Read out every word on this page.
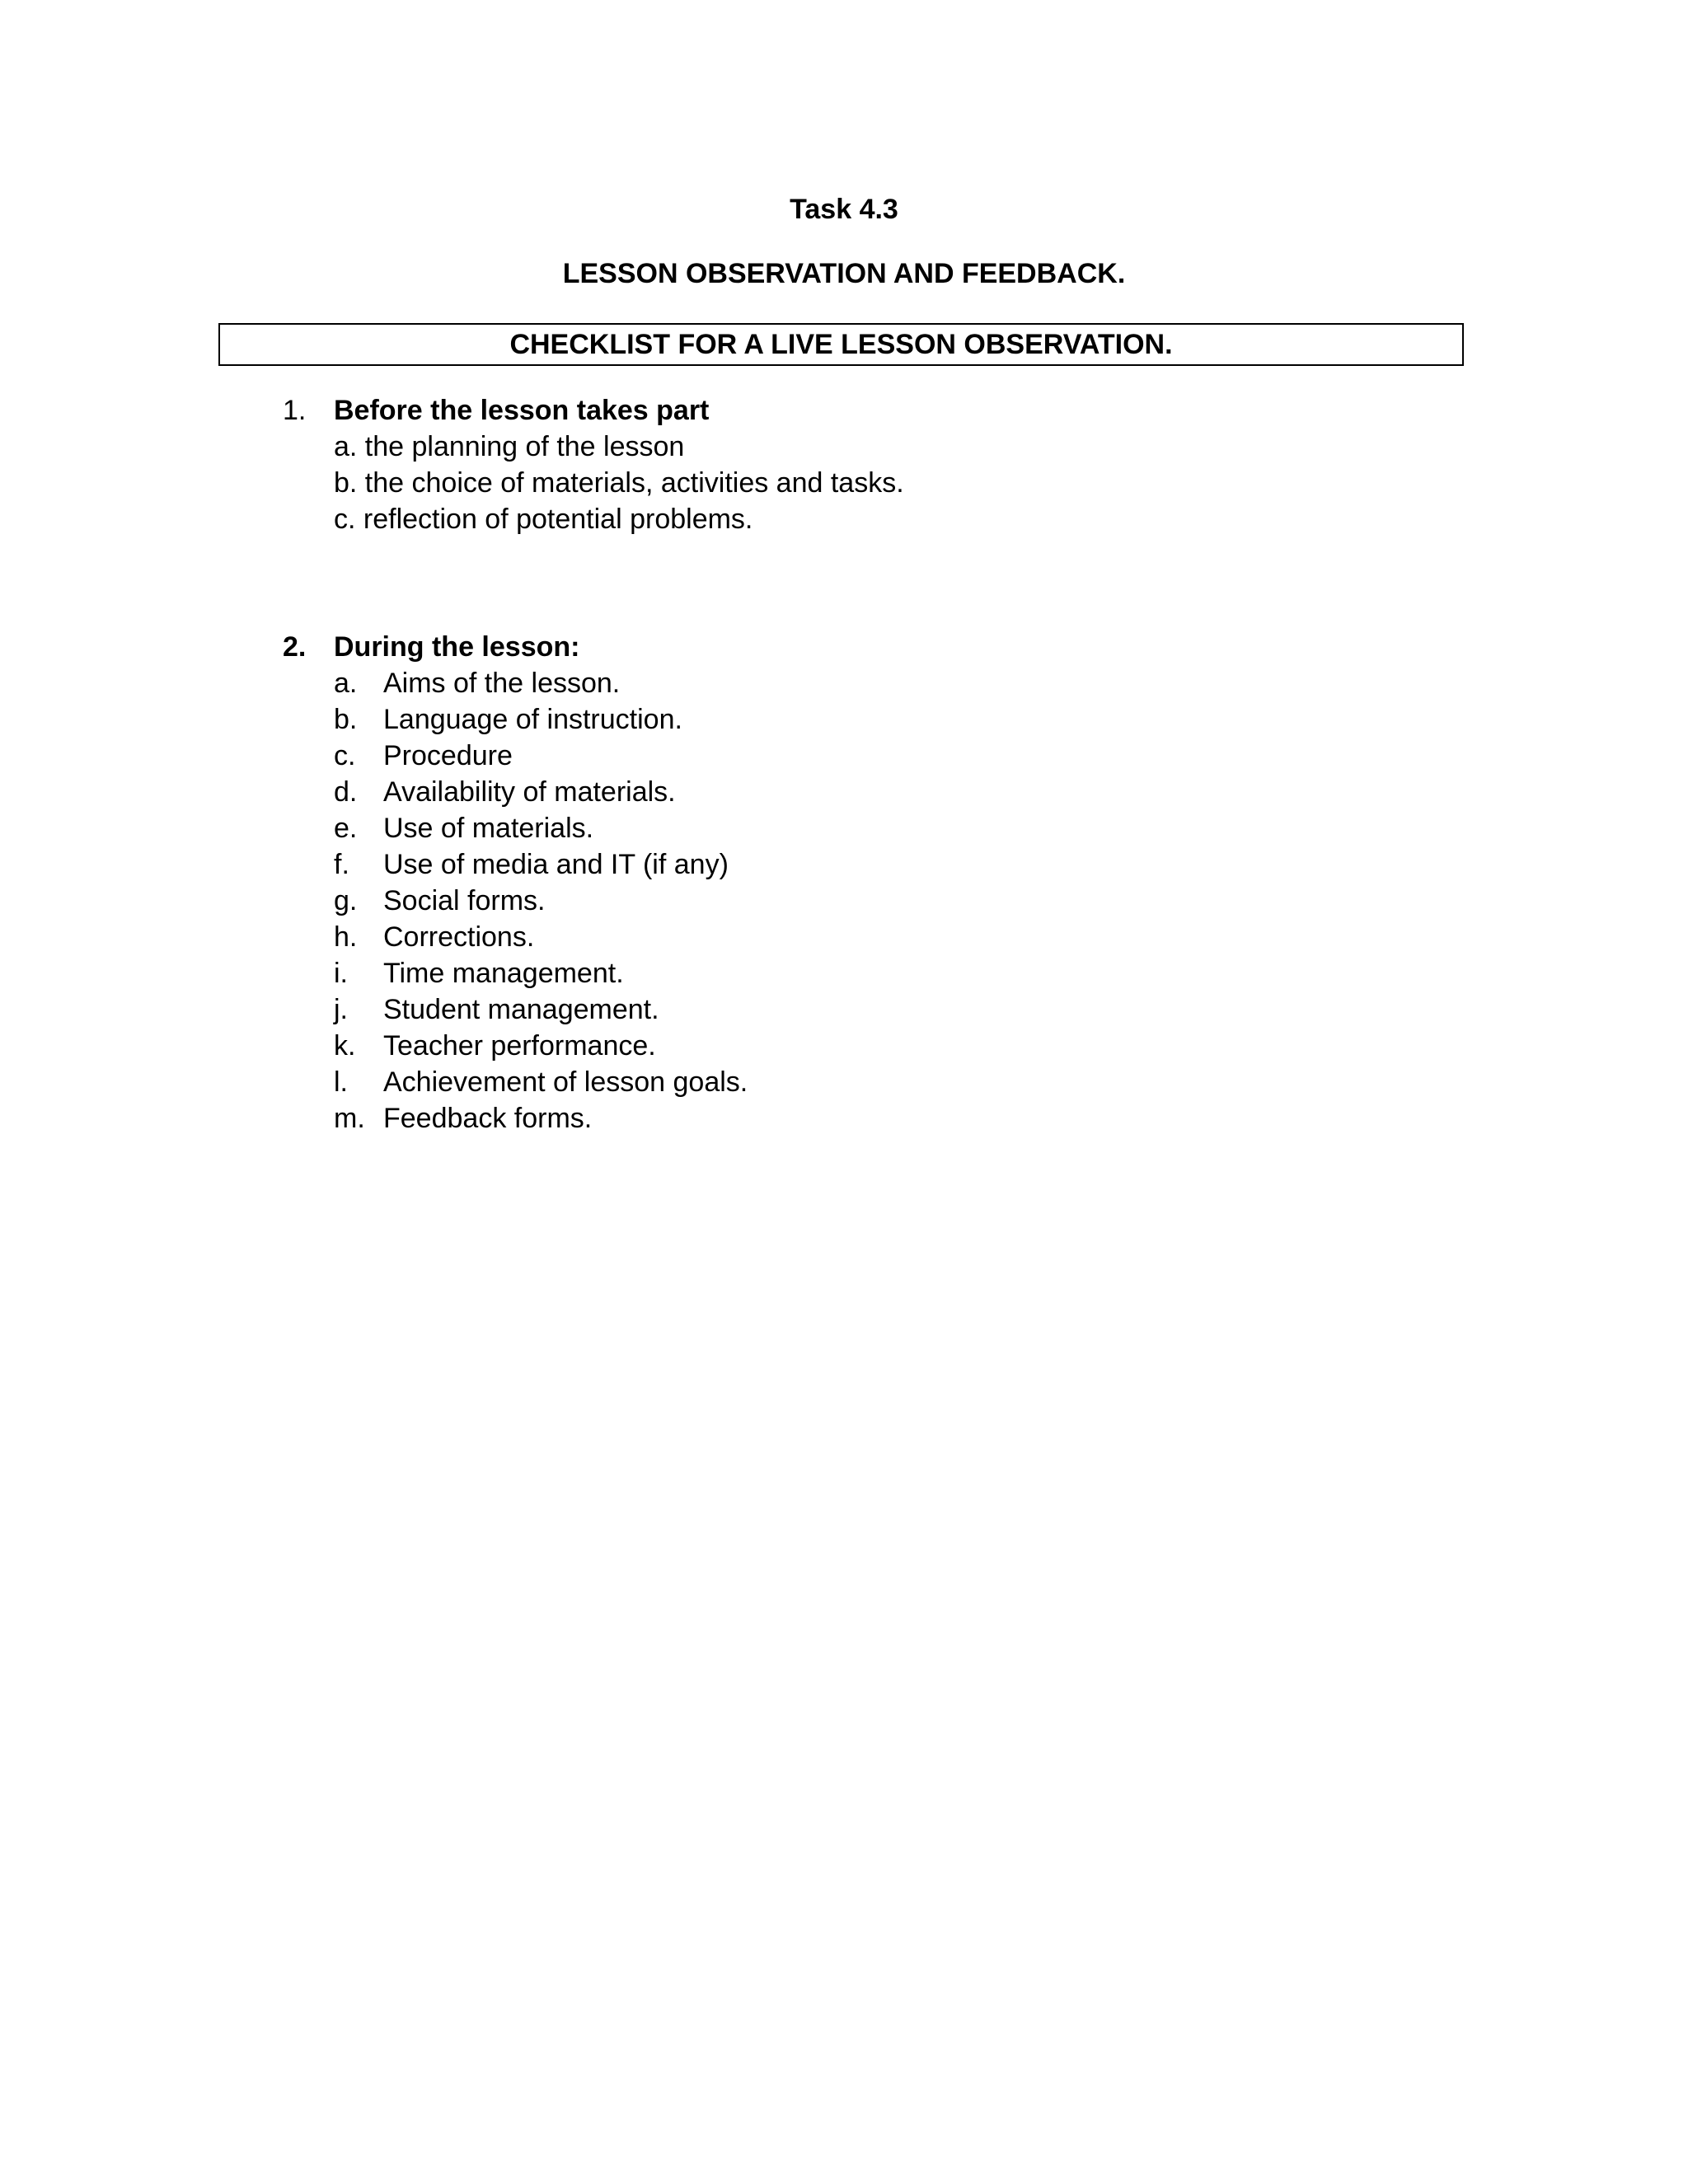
Task 4.3
LESSON OBSERVATION AND FEEDBACK.
CHECKLIST FOR A LIVE LESSON OBSERVATION.
1. Before the lesson takes part
a. the planning of the lesson
b. the choice of materials, activities and tasks.
c. reflection of potential problems.
2. During the lesson:
a. Aims of the lesson.
b. Language of instruction.
c. Procedure
d. Availability of materials.
e. Use of materials.
f. Use of media and IT (if any)
g. Social forms.
h. Corrections.
i. Time management.
j. Student management.
k. Teacher performance.
l. Achievement of lesson goals.
m. Feedback forms.
